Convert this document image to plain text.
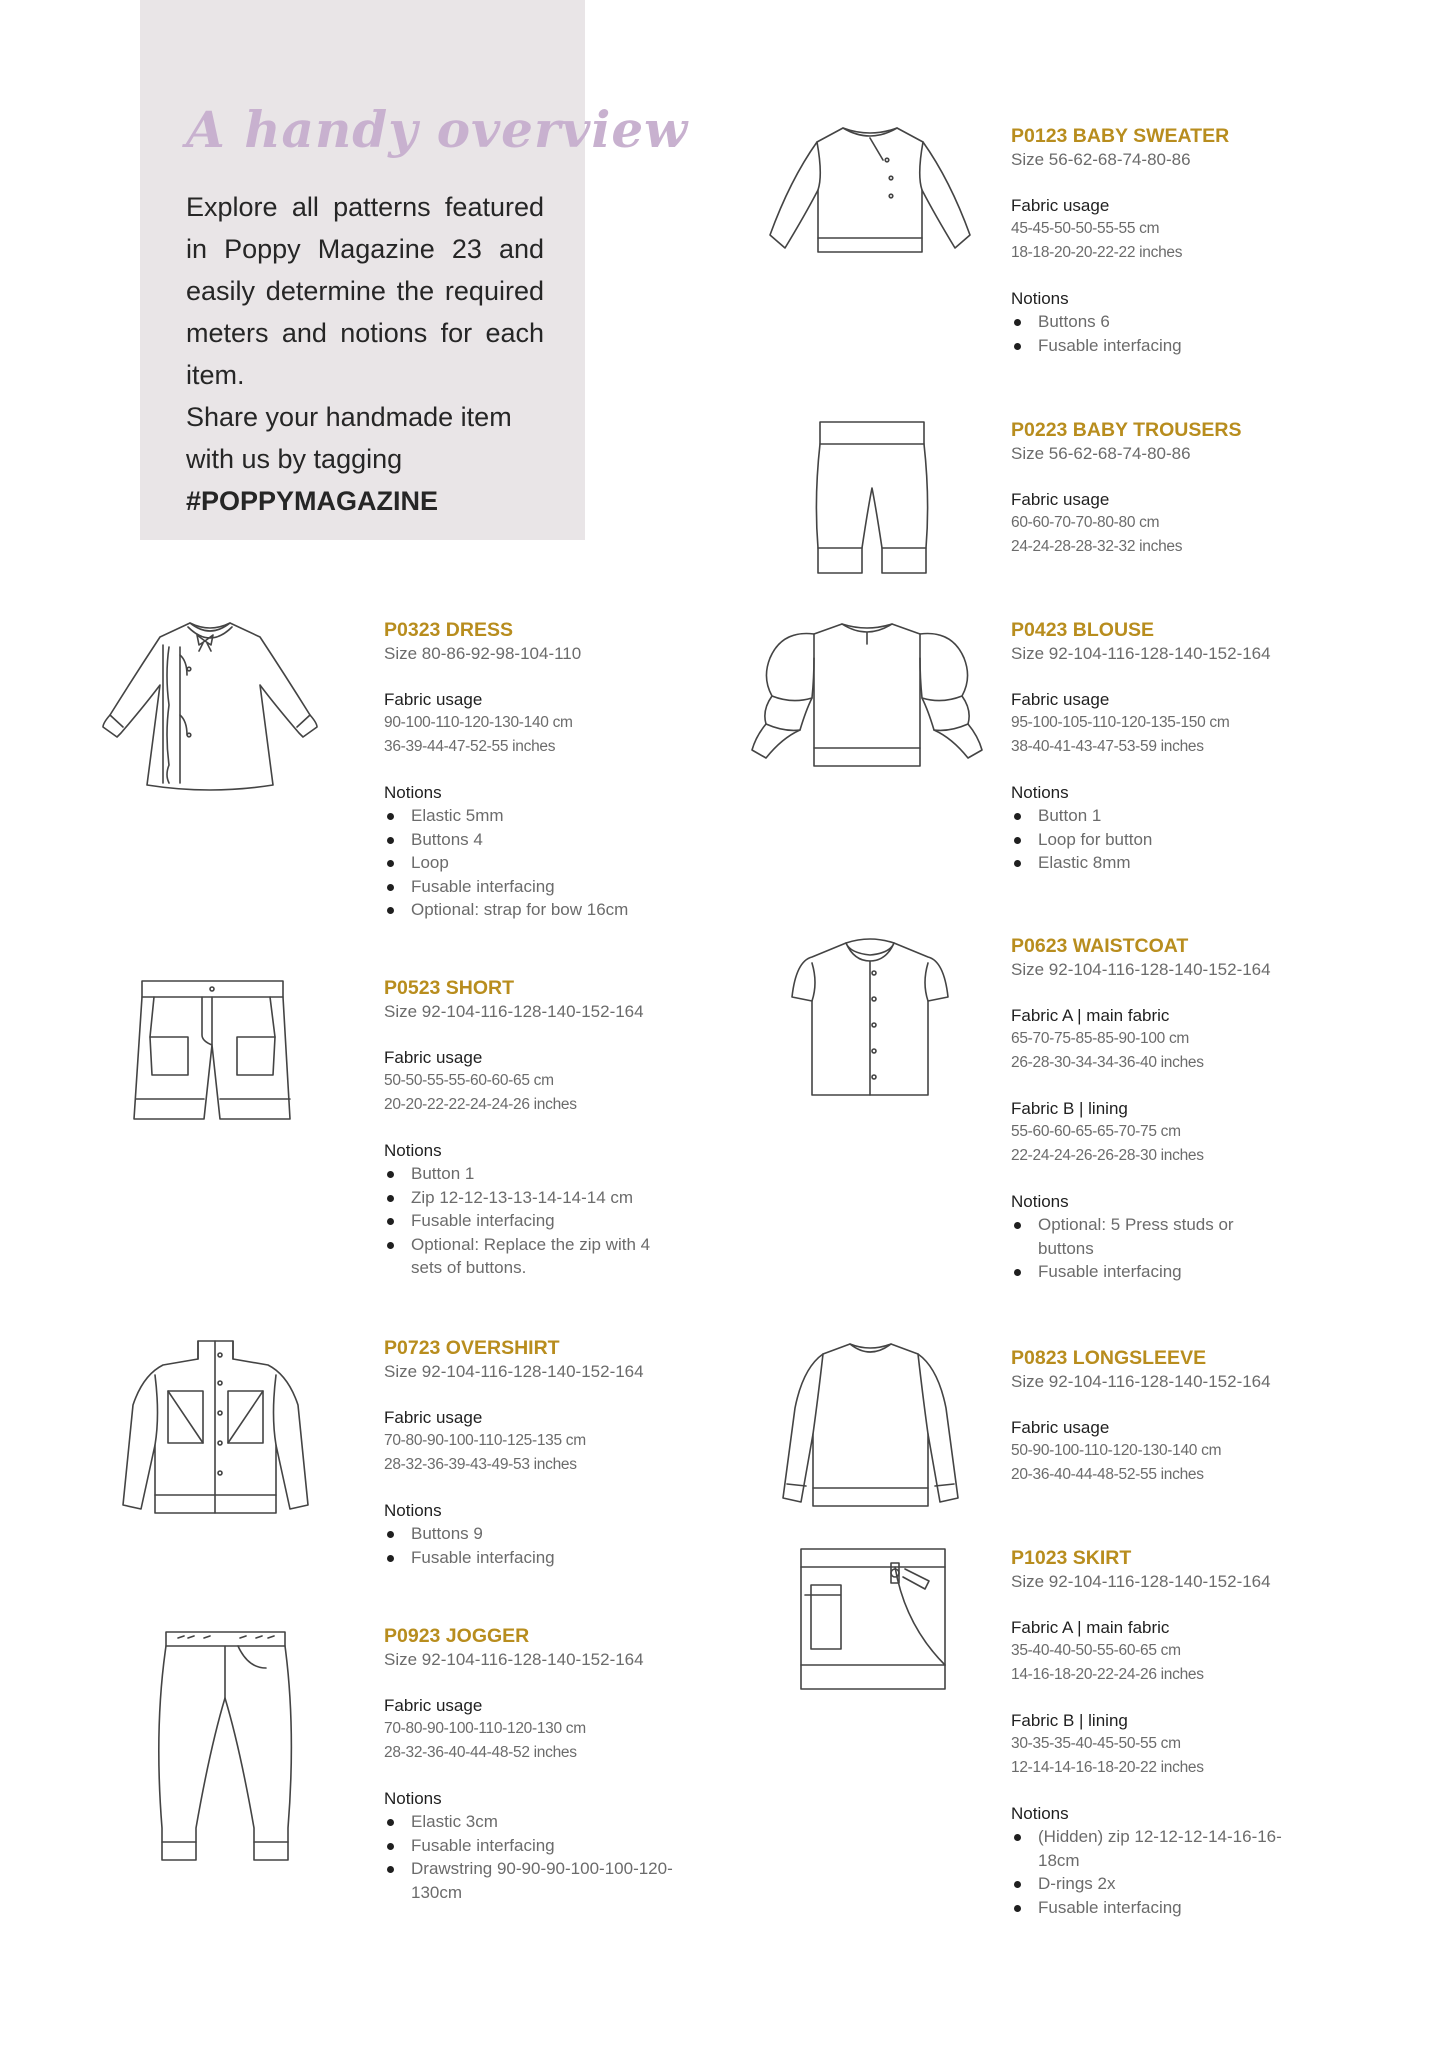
A handy overview

Explore all patterns featured in Poppy Magazine 23 and easily determine the required meters and notions for each item.

Share your handmade item with us by tagging #POPPYMAGAZINE

P0123 BABY SWEATER

Size 56-62-68-74-80-86

Fabric usage

45-45-50-50-55-55 cm

18-18-20-20-22-22 inches

Notions

Buttons 6
Fusable interfacing

P0223 BABY TROUSERS

Size 56-62-68-74-80-86

Fabric usage

60-60-70-70-80-80 cm

24-24-28-28-32-32 inches

P0323 DRESS

Size 80-86-92-98-104-110

Fabric usage

90-100-110-120-130-140 cm

36-39-44-47-52-55 inches

Notions

Elastic 5mm
Buttons 4
Loop
Fusable interfacing
Optional: strap for bow 16cm

P0423 BLOUSE

Size 92-104-116-128-140-152-164

Fabric usage

95-100-105-110-120-135-150 cm

38-40-41-43-47-53-59 inches

Notions

Button 1
Loop for button
Elastic 8mm

P0523 SHORT

Size 92-104-116-128-140-152-164

Fabric usage

50-50-55-55-60-60-65 cm

20-20-22-22-24-24-26 inches

Notions

Button 1
Zip 12-12-13-13-14-14-14 cm
Fusable interfacing
Optional: Replace the zip with 4 sets of buttons.

P0623 WAISTCOAT

Size 92-104-116-128-140-152-164

Fabric A | main fabric

65-70-75-85-85-90-100 cm

26-28-30-34-34-36-40 inches

Fabric B | lining

55-60-60-65-65-70-75 cm

22-24-24-26-26-28-30 inches

Notions

Optional: 5 Press studs or buttons
Fusable interfacing

P0723 OVERSHIRT

Size 92-104-116-128-140-152-164

Fabric usage

70-80-90-100-110-125-135 cm

28-32-36-39-43-49-53 inches

Notions

Buttons 9
Fusable interfacing

P0823 LONGSLEEVE

Size 92-104-116-128-140-152-164

Fabric usage

50-90-100-110-120-130-140 cm

20-36-40-44-48-52-55 inches

P0923 JOGGER

Size 92-104-116-128-140-152-164

Fabric usage

70-80-90-100-110-120-130 cm

28-32-36-40-44-48-52 inches

Notions

Elastic 3cm
Fusable interfacing
Drawstring 90-90-90-100-100-120-130cm

P1023 SKIRT

Size 92-104-116-128-140-152-164

Fabric A | main fabric

35-40-40-50-55-60-65 cm

14-16-18-20-22-24-26 inches

Fabric B | lining

30-35-35-40-45-50-55 cm

12-14-14-16-18-20-22 inches

Notions

(Hidden) zip 12-12-12-14-16-16-18cm
D-rings 2x
Fusable interfacing
